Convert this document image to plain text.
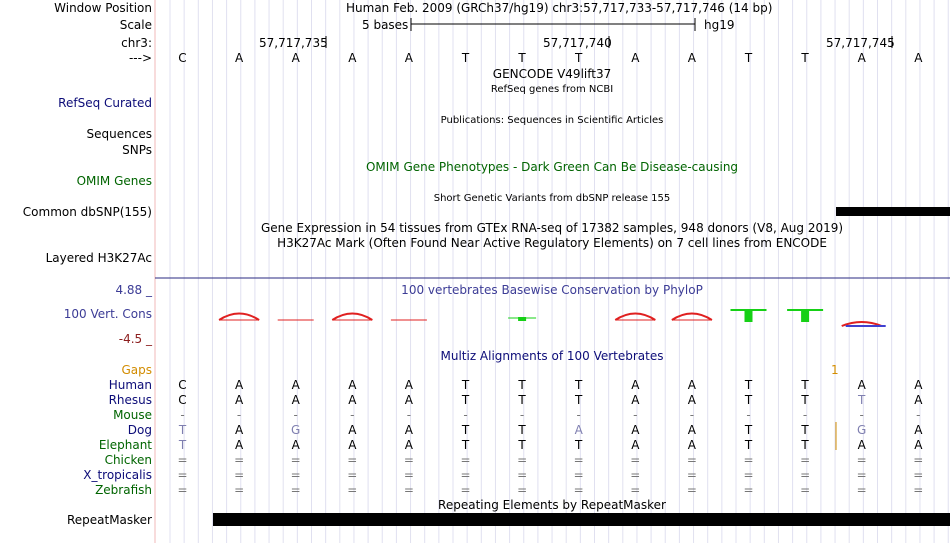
Window Position	Human Feb. 2009 (GRCh37/hg19) chr3:57,717,733-57,717,746 (14 bp)
Scale	5 bases	hg19
chr3:	57,717,735	57,717,740	57,717,745
---> C	A	A	A	A	T	T	T	A	A	T	T	A	A
GENCODE V49lift37
RefSeq genes from NCBI
RefSeq Curated
Publications: Sequences in Scientific Articles
Sequences
SNPs
OMIM Gene Phenotypes - Dark Green Can Be Disease-causing
OMIM Genes
Short Genetic Variants from dbSNP release 155
Common dbSNP(155)
Gene Expression in 54 tissues from GTEx RNA-seq of 17382 samples, 948 donors (V8, Aug 2019)
H3K27Ac Mark (Often Found Near Active Regulatory Elements) on 7 cell lines from ENCODE
Layered H3K27Ac
4.88 _	100 vertebrates Basewise Conservation by PhyloP
100 Vert. Cons
-4.5 _
Multiz Alignments of 100 Vertebrates
Gaps	1
Human C	A	A	A	A	T	T	T	A	A	T	T	A	A
Rhesus C	A	A	A	A	T	T	T	A	A	T	T	T	A
Mouse -	-	-	-	-	-	-	-	-	-	-	-	-	-
Dog T	A	G	A	A	T	T	A	A	A	T	T	G	A
Elephant T	A	A	A	A	T	T	T	A	A	T	T	A	A
Chicken =	=	=	=	=	=	=	=	=	=	=	=	=	=
X_tropicalis =	=	=	=	=	=	=	=	=	=	=	=	=	=
Zebrafish =	=	=	=	=	=	=	=	=	=	=	=	=	=
Repeating Elements by RepeatMasker
RepeatMasker
